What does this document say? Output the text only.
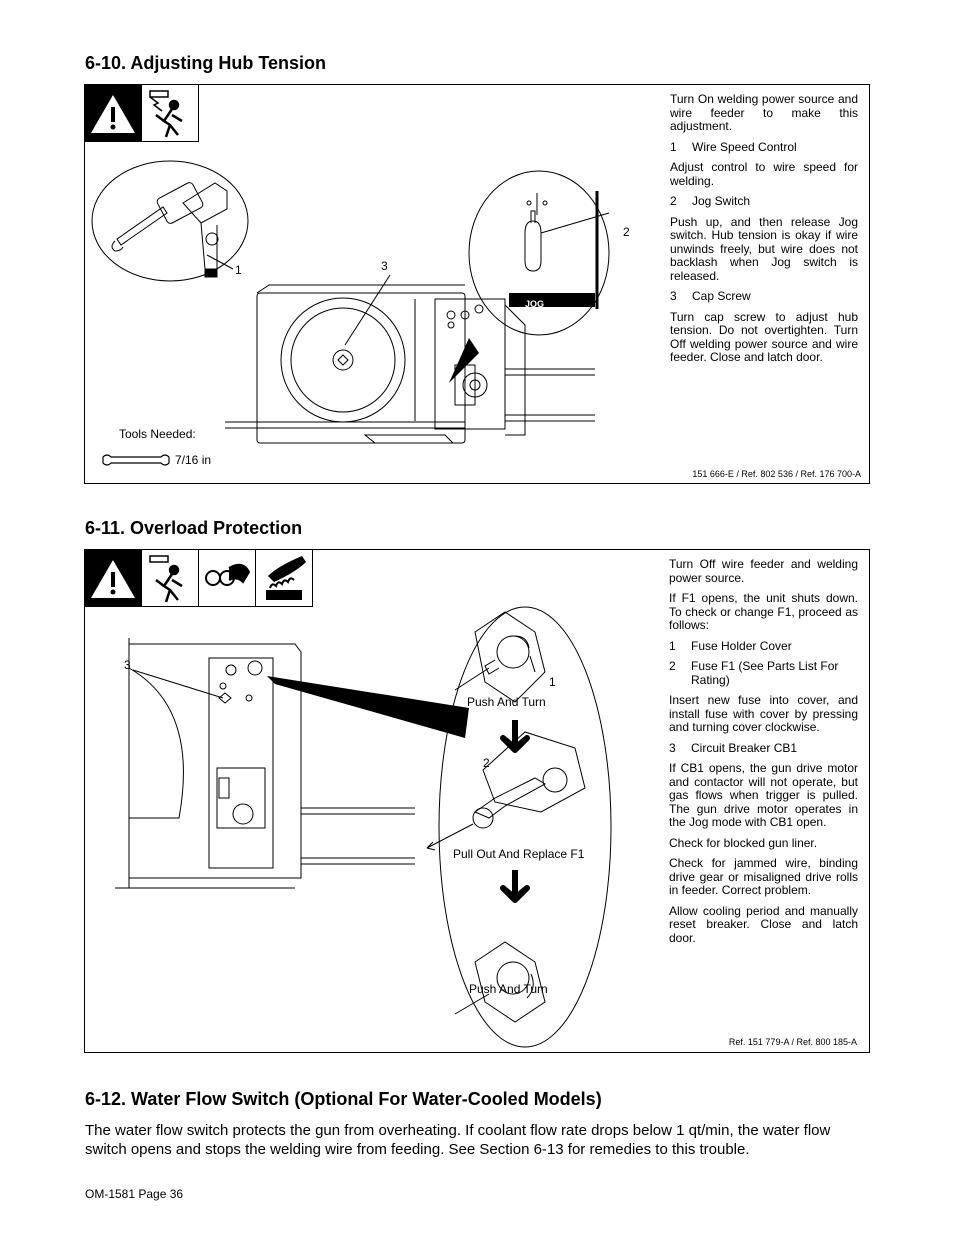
6-10. Adjusting Hub Tension
1	3
JOG
2
Tools Needed:
7/16 in

Turn On welding power source and wire feeder to make this adjustment.

1	Wire Speed Control

Adjust control to wire speed for welding.

2	Jog Switch

Push up, and then release Jog switch. Hub tension is okay if wire unwinds freely, but wire does not backlash when Jog switch is released.

3	Cap Screw

Turn cap screw to adjust hub tension. Do not overtighten. Turn Off welding power source and wire feeder. Close and latch door.

151 666-E / Ref. 802 536 / Ref. 176 700-A
6-11. Overload Protection
3
1
Push And Turn
2
Pull Out And Replace F1
Push And Turn

Turn Off wire feeder and welding power source.

If F1 opens, the unit shuts down. To check or change F1, proceed as follows:

1	Fuse Holder Cover
2	Fuse F1 (See Parts List For Rating)

Insert new fuse into cover, and install fuse with cover by pressing and turning cover clockwise.

3	Circuit Breaker CB1

If CB1 opens, the gun drive motor and contactor will not operate, but gas flows when trigger is pulled. The gun drive motor operates in the Jog mode with CB1 open.

Check for blocked gun liner.

Check for jammed wire, binding drive gear or misaligned drive rolls in feeder. Correct problem.

Allow cooling period and manually reset breaker. Close and latch door.

Ref. 151 779-A / Ref. 800 185-A
6-12. Water Flow Switch (Optional For Water-Cooled Models)
The water flow switch protects the gun from overheating. If coolant flow rate drops below 1 qt/min, the water flow switch opens and stops the welding wire from feeding. See Section 6-13 for remedies to this trouble.
OM-1581 Page 36
